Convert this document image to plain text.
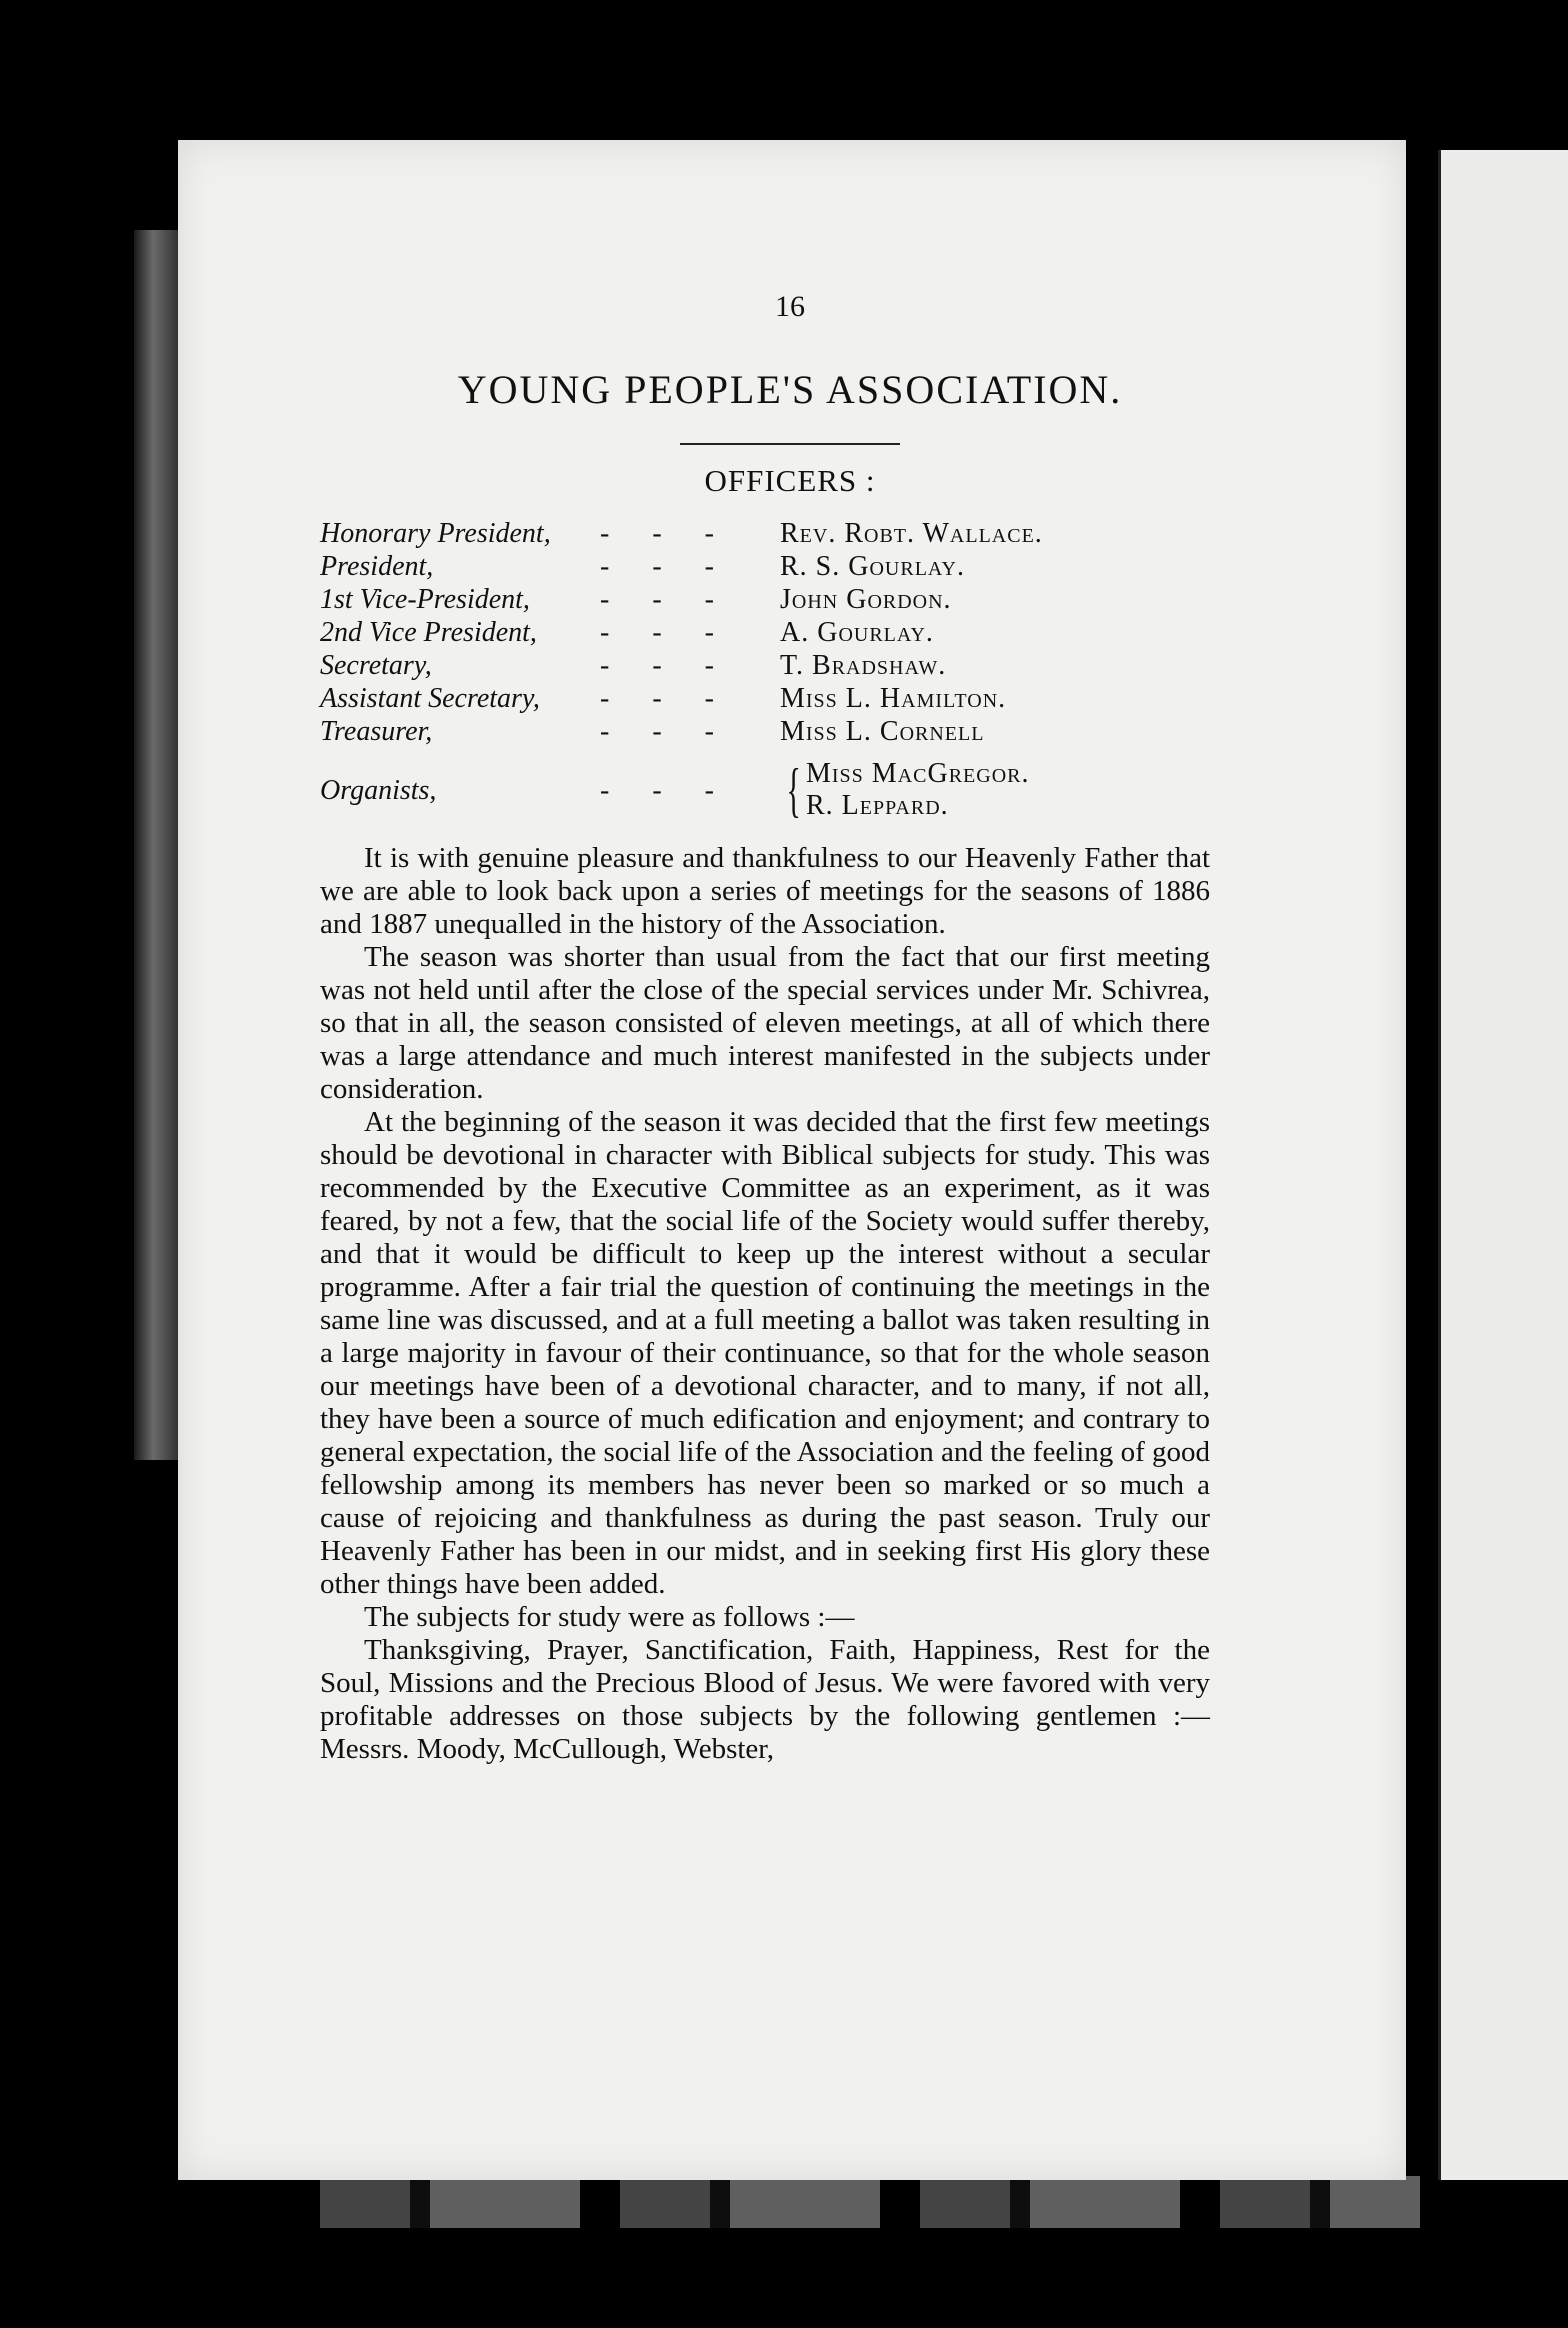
16
YOUNG PEOPLE'S ASSOCIATION.
OFFICERS :
Honorary President,	- - -	Rev. Robt. Wallace.
President,	- - -	R. S. Gourlay.
1st Vice-President,	- - -	John Gordon.
2nd Vice President,	- - -	A. Gourlay.
Secretary,	- - -	T. Bradshaw.
Assistant Secretary,	- - -	Miss L. Hamilton.
Treasurer,	- - -	Miss L. Cornell
Organists,	- - - { Miss MacGregor.
R. Leppard.

It is with genuine pleasure and thankfulness to our Heavenly Father that we are able to look back upon a series of meetings for the seasons of 1886 and 1887 unequalled in the history of the Association.

The season was shorter than usual from the fact that our first meeting was not held until after the close of the special services under Mr. Schivrea, so that in all, the season consisted of eleven meetings, at all of which there was a large attendance and much interest manifested in the subjects under consideration.

At the beginning of the season it was decided that the first few meetings should be devotional in character with Biblical subjects for study. This was recommended by the Executive Committee as an experiment, as it was feared, by not a few, that the social life of the Society would suffer thereby, and that it would be difficult to keep up the interest without a secular programme. After a fair trial the question of continuing the meetings in the same line was discussed, and at a full meeting a ballot was taken resulting in a large majority in favour of their continuance, so that for the whole season our meetings have been of a devotional character, and to many, if not all, they have been a source of much edification and enjoyment; and contrary to general expectation, the social life of the Association and the feeling of good fellowship among its members has never been so marked or so much a cause of rejoicing and thankfulness as during the past season. Truly our Heavenly Father has been in our midst, and in seeking first His glory these other things have been added.

The subjects for study were as follows :—

Thanksgiving, Prayer, Sanctification, Faith, Happiness, Rest for the Soul, Missions and the Precious Blood of Jesus. We were favored with very profitable addresses on those subjects by the following gentlemen :—Messrs. Moody, McCullough, Webster,
